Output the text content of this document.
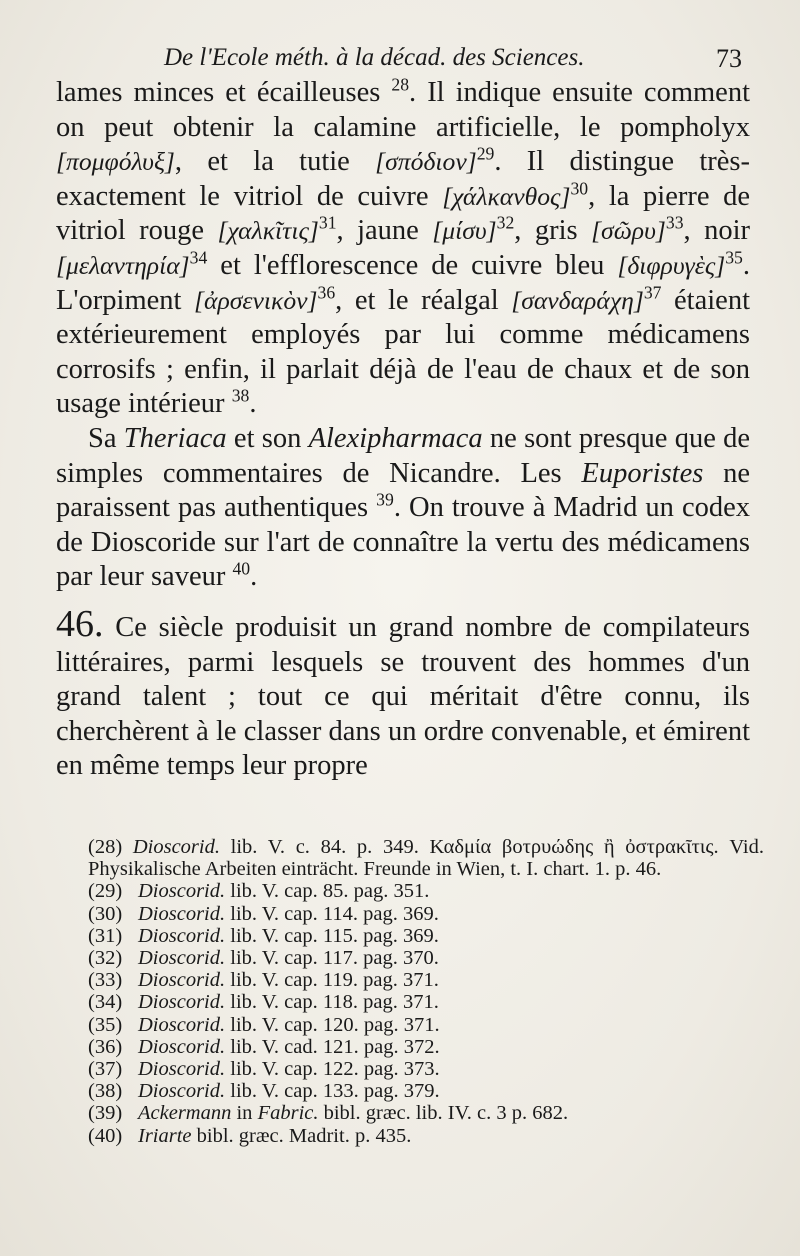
De l'Ecole méth. à la décad. des Sciences.	73

lames minces et écailleuses $^{28}$. Il indique ensuite comment on peut obtenir la calamine artificielle, le pompholyx [πομφόλυξ], et la tutie $[\sigma\pi ό\delta\iota o\nu]^{29}$. Il distingue très-exactement le vitriol de cuivre $[\chi ά\lambda\kappa\alpha\nu\theta o\varsigma]^{30}$, la pierre de vitriol rouge [χαλκῖτις]$^{31}$, jaune $[\mu ί\sigma\upsilon]^{32}$, gris [σῶρυ]$^{33}$, noir $[\mu\varepsilon\lambda\alpha\nu\tau\eta\rho ί\alpha]^{34}$ et l'efflorescence de cuivre bleu [διφρυγὲς]$^{35}$. L'orpiment [ἀρσενικὸν]$^{36}$, et le réalgal $[\sigma\alpha\nu\delta\alpha\rho ά\chi\eta]^{37}$ étaient extérieurement employés par lui comme médicamens corrosifs ; enfin, il parlait déjà de l'eau de chaux et de son usage intérieur $^{38}$.

Sa Theriaca et son Alexipharmaca ne sont presque que de simples commentaires de Nicandre. Les Euporistes ne paraissent pas authentiques $^{39}$. On trouve à Madrid un codex de Dioscoride sur l'art de connaître la vertu des médicamens par leur saveur $^{40}$.

46. Ce siècle produisit un grand nombre de compilateurs littéraires, parmi lesquels se trouvent des hommes d'un grand talent ; tout ce qui méritait d'être connu, ils cherchèrent à le classer dans un ordre convenable, et émirent en même temps leur propre

(28) Dioscorid. lib. V. c. 84. p. 349. Καδμία βοτρυώδης ἢ ὀστρακῖτις. Vid. Physikalische Arbeiten einträcht. Freunde in Wien, t. I. chart. 1. p. 46.
(29) Dioscorid. lib. V. cap. 85. pag. 351.
(30) Dioscorid. lib. V. cap. 114. pag. 369.
(31) Dioscorid. lib. V. cap. 115. pag. 369.
(32) Dioscorid. lib. V. cap. 117. pag. 370.
(33) Dioscorid. lib. V. cap. 119. pag. 371.
(34) Dioscorid. lib. V. cap. 118. pag. 371.
(35) Dioscorid. lib. V. cap. 120. pag. 371.
(36) Dioscorid. lib. V. cad. 121. pag. 372.
(37) Dioscorid. lib. V. cap. 122. pag. 373.
(38) Dioscorid. lib. V. cap. 133. pag. 379.
(39) Ackermann in Fabric. bibl. græc. lib. IV. c. 3 p. 682.
(40) Iriarte bibl. græc. Madrit. p. 435.
